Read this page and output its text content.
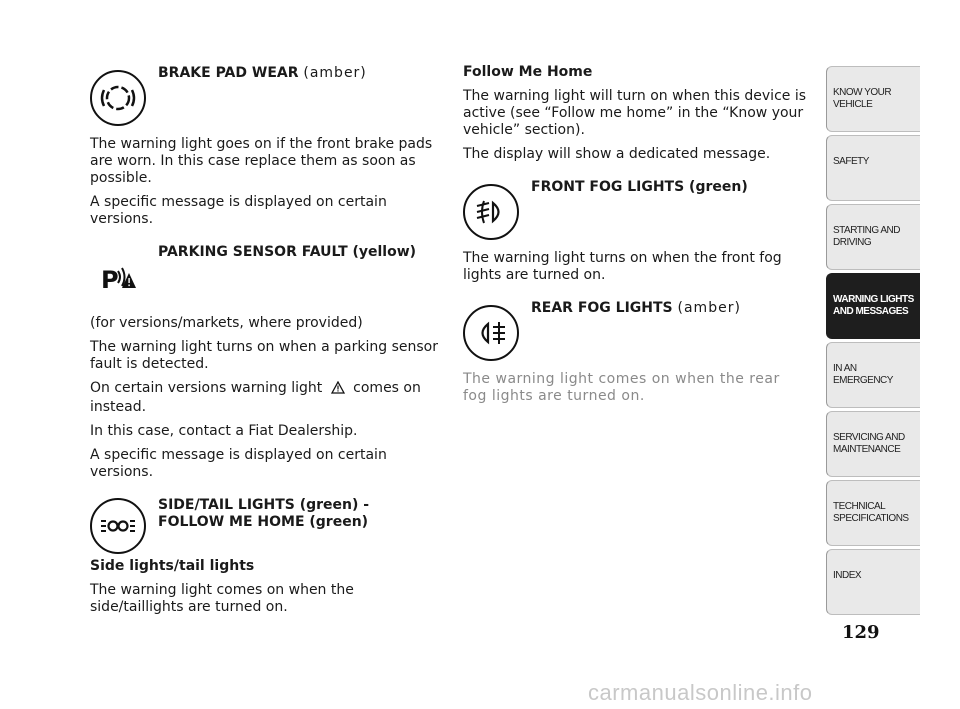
BRAKE PAD WEAR (amber)

The warning light goes on if the front brake pads are worn. In this case replace them as soon as possible.

A specific message is displayed on certain versions.

P
PARKING SENSOR FAULT (yellow)

(for versions/markets, where provided)

The warning light turns on when a parking sensor fault is detected.

On certain versions warning light comes on instead.

In this case, contact a Fiat Dealership.

A specific message is displayed on certain versions.

SIDE/TAIL LIGHTS (green) -
FOLLOW ME HOME (green)

Side lights/tail lights

The warning light comes on when the side/taillights are turned on.

Follow Me Home

The warning light will turn on when this device is active (see “Follow me home” in the “Know your vehicle” section).

The display will show a dedicated message.

FRONT FOG LIGHTS (green)

The warning light turns on when the front fog lights are turned on.

REAR FOG LIGHTS (amber)

The warning light comes on when the rear fog lights are turned on.

KNOW YOUR VEHICLE
SAFETY
STARTING AND DRIVING
WARNING LIGHTS AND MESSAGES
IN AN EMERGENCY
SERVICING AND MAINTENANCE
TECHNICAL SPECIFICATIONS
INDEX
129
carmanualsonline.info
